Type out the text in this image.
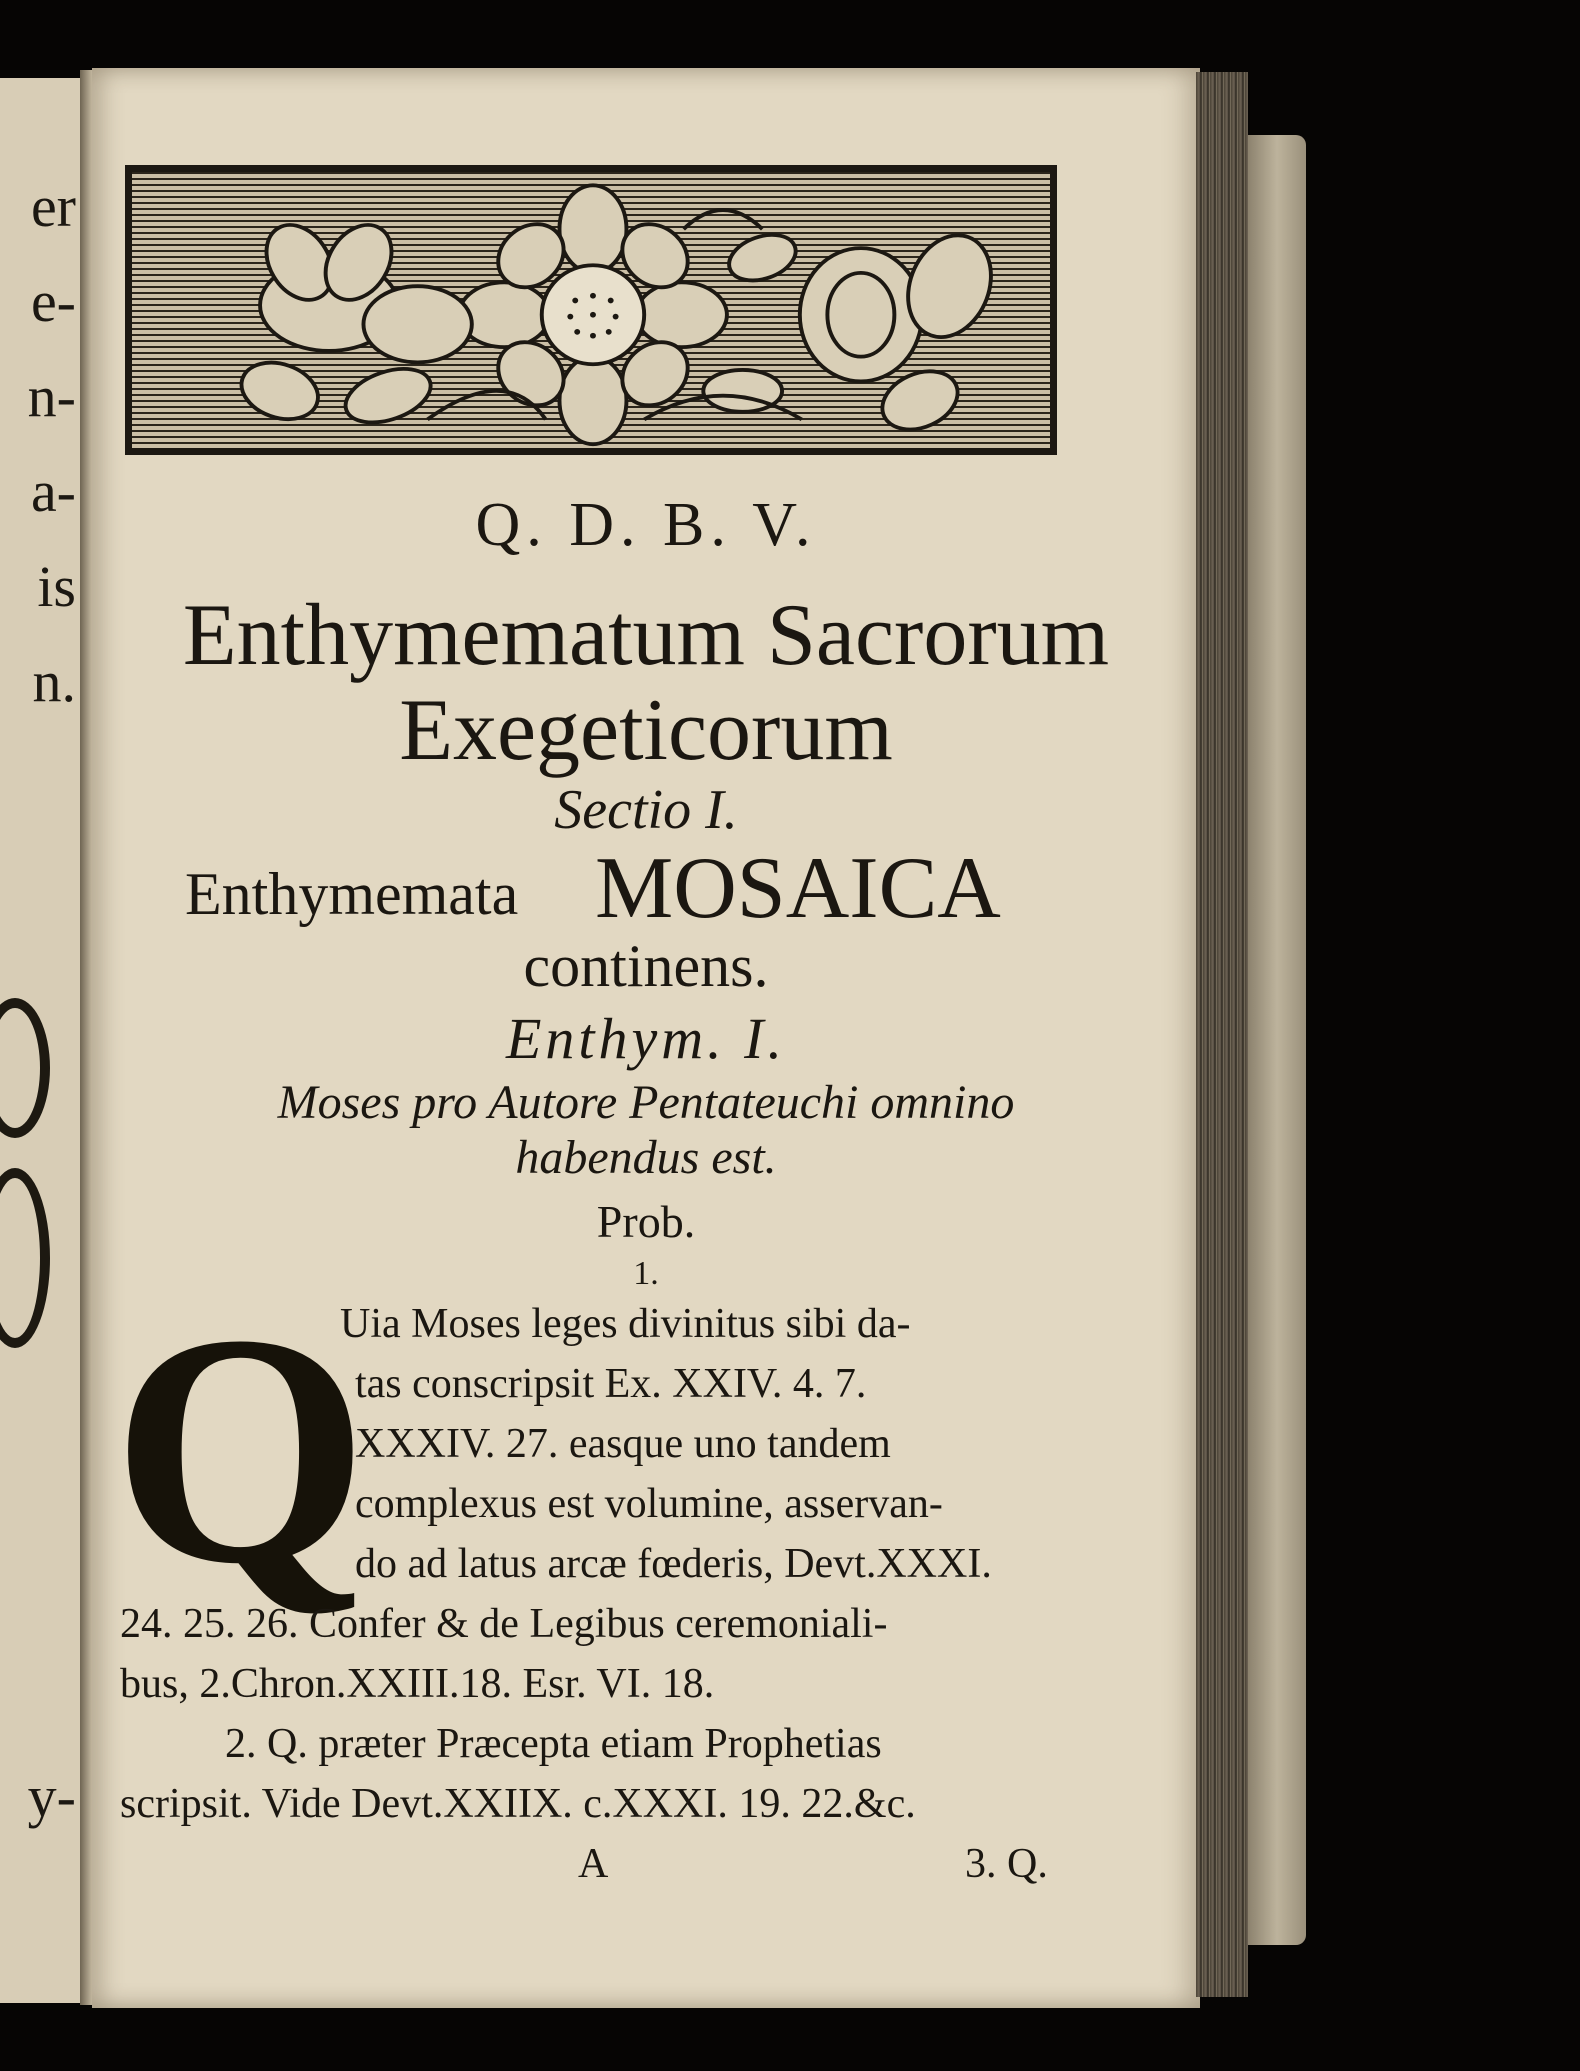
er
e-
n-
a-
is
n.
y-
Q. D. B. V.
Enthymematum Sacrorum
Exegeticorum
Sectio I.
Enthymemata MOSAICA
continens.
Enthym. I.
Moses pro Autore Pentateuchi omnino
habendus est.
Prob.
1.
Q
Uia Moses leges divinitus sibi da-
tas conscripsit Ex. XXIV. 4. 7.
XXXIV. 27. easque uno tandem
complexus est volumine, asservan-
do ad latus arcæ fœderis, Devt.XXXI.
24. 25. 26. Confer & de Legibus ceremoniali-
bus, 2.Chron.XXIII.18. Esr. VI. 18.
2. Q. præter Præcepta etiam Prophetias
scripsit. Vide Devt.XXIIX. c.XXXI. 19. 22.&c.
A	3. Q.
